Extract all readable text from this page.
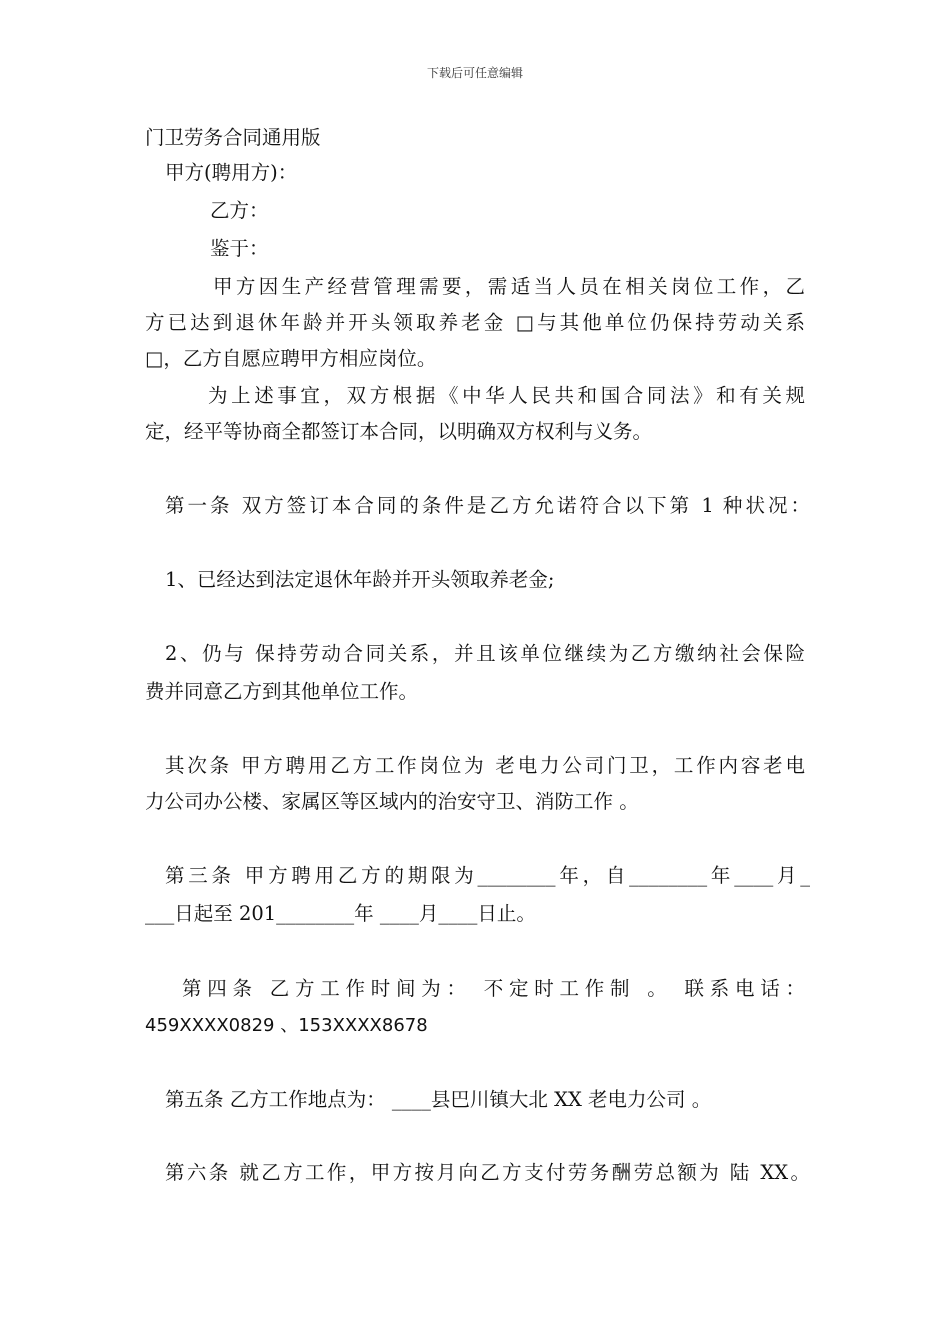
下载后可任意编辑
门卫劳务合同通用版
甲方(聘用方)：
乙方：
鉴于：
甲方因生产经营管理需要，需适当人员在相关岗位工作，乙
方已达到退休年龄并开头领取养老金 □与其他单位仍保持劳动关系
□，乙方自愿应聘甲方相应岗位。
为上述事宜，双方根据《中华人民共和国合同法》和有关规
定，经平等协商全都签订本合同，以明确双方权利与义务。
第一条 双方签订本合同的条件是乙方允诺符合以下第 1 种状况：
1、已经达到法定退休年龄并开头领取养老金;
2、仍与 保持劳动合同关系，并且该单位继续为乙方缴纳社会保险
费并同意乙方到其他单位工作。
其次条 甲方聘用乙方工作岗位为 老电力公司门卫，工作内容老电
力公司办公楼、家属区等区域内的治安守卫、消防工作 。
第三条 甲方聘用乙方的期限为________年，自________年____月_
___日起至 201________年 ____月____日止。
第四条 乙方工作时间为： 不定时工作制 。 联系电话：
459XXXX0829 、153XXXX8678
第五条 乙方工作地点为： ____县巴川镇大北 XX 老电力公司 。
第六条 就乙方工作，甲方按月向乙方支付劳务酬劳总额为 陆 XX。
